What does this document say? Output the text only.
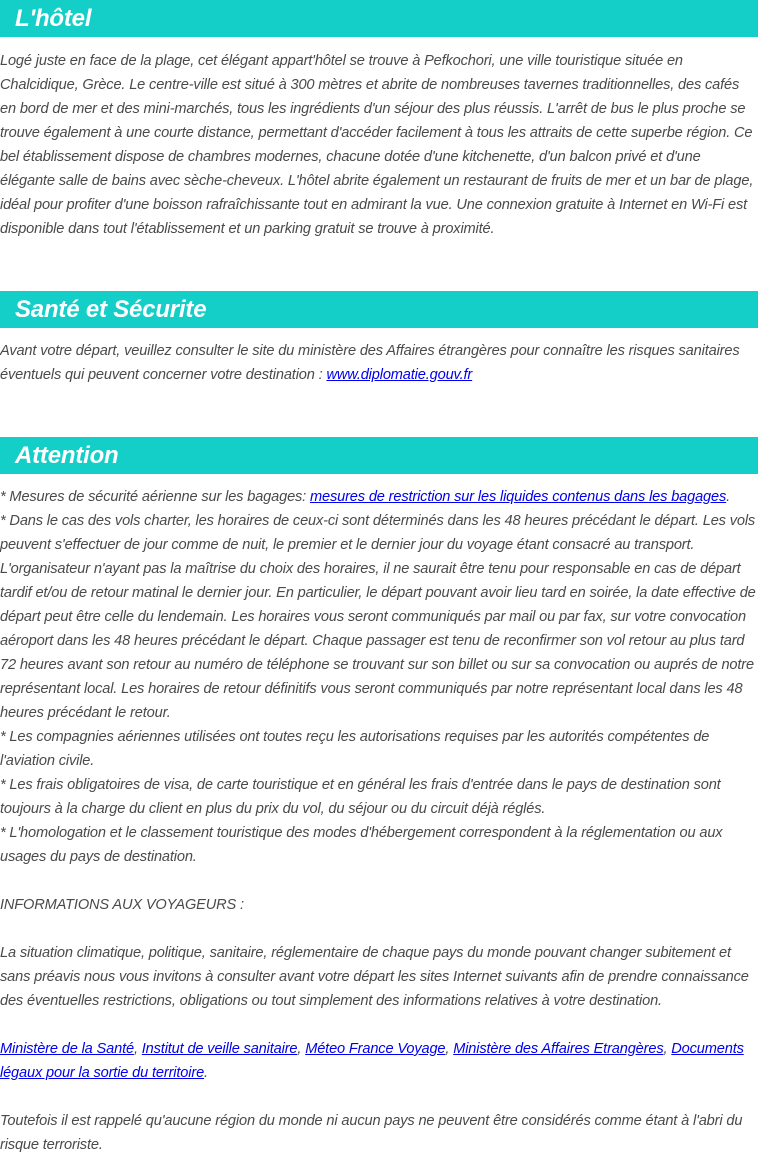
L'hôtel

Logé juste en face de la plage, cet élégant appart'hôtel se trouve à Pefkochori, une ville touristique située en Chalcidique, Grèce. Le centre-ville est situé à 300 mètres et abrite de nombreuses tavernes traditionnelles, des cafés en bord de mer et des mini-marchés, tous les ingrédients d'un séjour des plus réussis. L'arrêt de bus le plus proche se trouve également à une courte distance, permettant d'accéder facilement à tous les attraits de cette superbe région. Ce bel établissement dispose de chambres modernes, chacune dotée d'une kitchenette, d'un balcon privé et d'une élégante salle de bains avec sèche-cheveux. L'hôtel abrite également un restaurant de fruits de mer et un bar de plage, idéal pour profiter d'une boisson rafraîchissante tout en admirant la vue. Une connexion gratuite à Internet en Wi-Fi est disponible dans tout l'établissement et un parking gratuit se trouve à proximité.

Santé et Sécurite

Avant votre départ, veuillez consulter le site du ministère des Affaires étrangères pour connaître les risques sanitaires éventuels qui peuvent concerner votre destination : www.diplomatie.gouv.fr

Attention
* Mesures de sécurité aérienne sur les bagages: mesures de restriction sur les liquides contenus dans les bagages.
* Dans le cas des vols charter, les horaires de ceux-ci sont déterminés dans les 48 heures précédant le départ. Les vols peuvent s'effectuer de jour comme de nuit, le premier et le dernier jour du voyage étant consacré au transport. L'organisateur n'ayant pas la maîtrise du choix des horaires, il ne saurait être tenu pour responsable en cas de départ tardif et/ou de retour matinal le dernier jour. En particulier, le départ pouvant avoir lieu tard en soirée, la date effective de départ peut être celle du lendemain. Les horaires vous seront communiqués par mail ou par fax, sur votre convocation aéroport dans les 48 heures précédant le départ. Chaque passager est tenu de reconfirmer son vol retour au plus tard 72 heures avant son retour au numéro de téléphone se trouvant sur son billet ou sur sa convocation ou auprés de notre représentant local. Les horaires de retour définitifs vous seront communiqués par notre représentant local dans les 48 heures précédant le retour.
* Les compagnies aériennes utilisées ont toutes reçu les autorisations requises par les autorités compétentes de l'aviation civile.
* Les frais obligatoires de visa, de carte touristique et en général les frais d'entrée dans le pays de destination sont toujours à la charge du client en plus du prix du vol, du séjour ou du circuit déjà réglés.
* L'homologation et le classement touristique des modes d'hébergement correspondent à la réglementation ou aux usages du pays de destination.
INFORMATIONS AUX VOYAGEURS :
La situation climatique, politique, sanitaire, réglementaire de chaque pays du monde pouvant changer subitement et sans préavis nous vous invitons à consulter avant votre départ les sites Internet suivants afin de prendre connaissance des éventuelles restrictions, obligations ou tout simplement des informations relatives à votre destination.
Ministère de la Santé, Institut de veille sanitaire, Méteo France Voyage, Ministère des Affaires Etrangères, Documents légaux pour la sortie du territoire.
Toutefois il est rappelé qu'aucune région du monde ni aucun pays ne peuvent être considérés comme étant à l'abri du risque terroriste.
